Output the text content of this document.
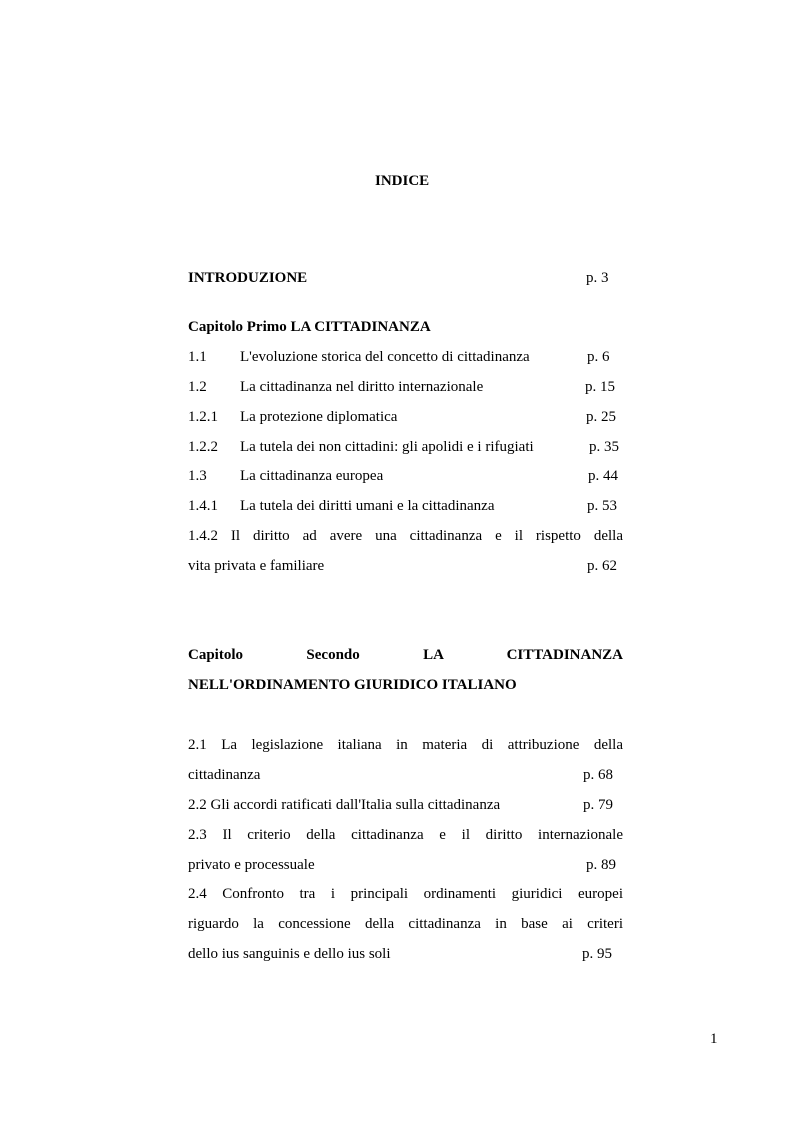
INDICE
INTRODUZIONE	p. 3
Capitolo Primo LA CITTADINANZA
1.1 L'evoluzione storica del concetto di cittadinanza	p. 6
1.2 La cittadinanza nel diritto internazionale	p. 15
1.2.1 La protezione diplomatica	p. 25
1.2.2 La tutela dei non cittadini: gli apolidi e i rifugiati	p. 35
1.3 La cittadinanza europea	p. 44
1.4.1 La tutela dei diritti umani e la cittadinanza	p. 53
1.4.2 Il diritto ad avere una cittadinanza e il rispetto della
vita privata e familiare	p. 62
Capitolo Secondo LA CITTADINANZA
NELL'ORDINAMENTO GIURIDICO ITALIANO
2.1 La legislazione italiana in materia di attribuzione della
cittadinanza	p. 68
2.2 Gli accordi ratificati dall'Italia sulla cittadinanza	p. 79
2.3 Il criterio della cittadinanza e il diritto internazionale
privato e processuale	p. 89
2.4 Confronto tra i principali ordinamenti giuridici europei
riguardo la concessione della cittadinanza in base ai criteri
dello ius sanguinis e dello ius soli	p. 95
1
